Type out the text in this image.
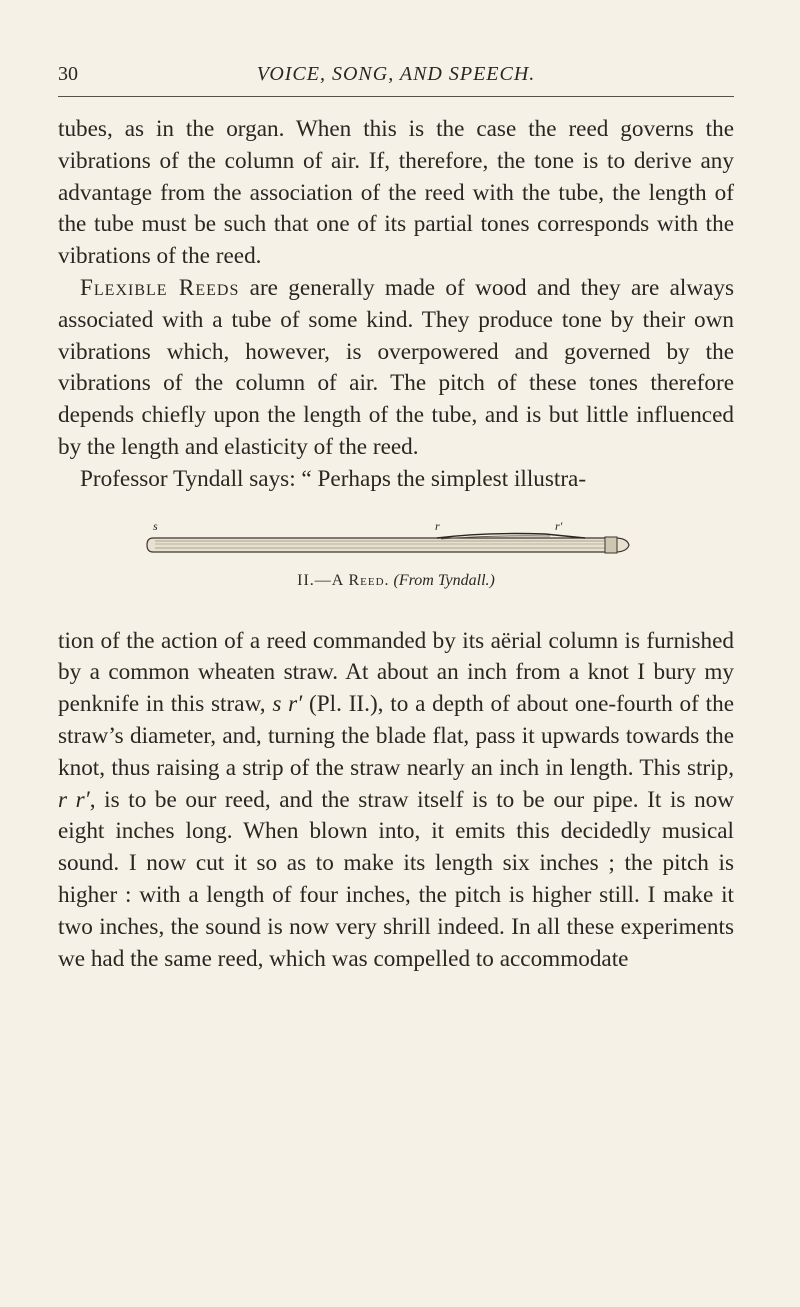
30	VOICE, SONG, AND SPEECH.

tubes, as in the organ. When this is the case the reed governs the vibrations of the column of air. If, therefore, the tone is to derive any advantage from the association of the reed with the tube, the length of the tube must be such that one of its partial tones corresponds with the vibrations of the reed.

Flexible Reeds are generally made of wood and they are always associated with a tube of some kind. They produce tone by their own vibrations which, however, is overpowered and governed by the vibrations of the column of air. The pitch of these tones therefore depends chiefly upon the length of the tube, and is but little influenced by the length and elasticity of the reed.

Professor Tyndall says: “ Perhaps the simplest illustra-

s	r	r′
II.—A Reed. (From Tyndall.)

tion of the action of a reed commanded by its aërial column is furnished by a common wheaten straw. At about an inch from a knot I bury my penknife in this straw, s r′ (Pl. II.), to a depth of about one-fourth of the straw’s diameter, and, turning the blade flat, pass it upwards towards the knot, thus raising a strip of the straw nearly an inch in length. This strip, r r′, is to be our reed, and the straw itself is to be our pipe. It is now eight inches long. When blown into, it emits this decidedly musical sound. I now cut it so as to make its length six inches ; the pitch is higher : with a length of four inches, the pitch is higher still. I make it two inches, the sound is now very shrill indeed. In all these experiments we had the same reed, which was compelled to accommodate
